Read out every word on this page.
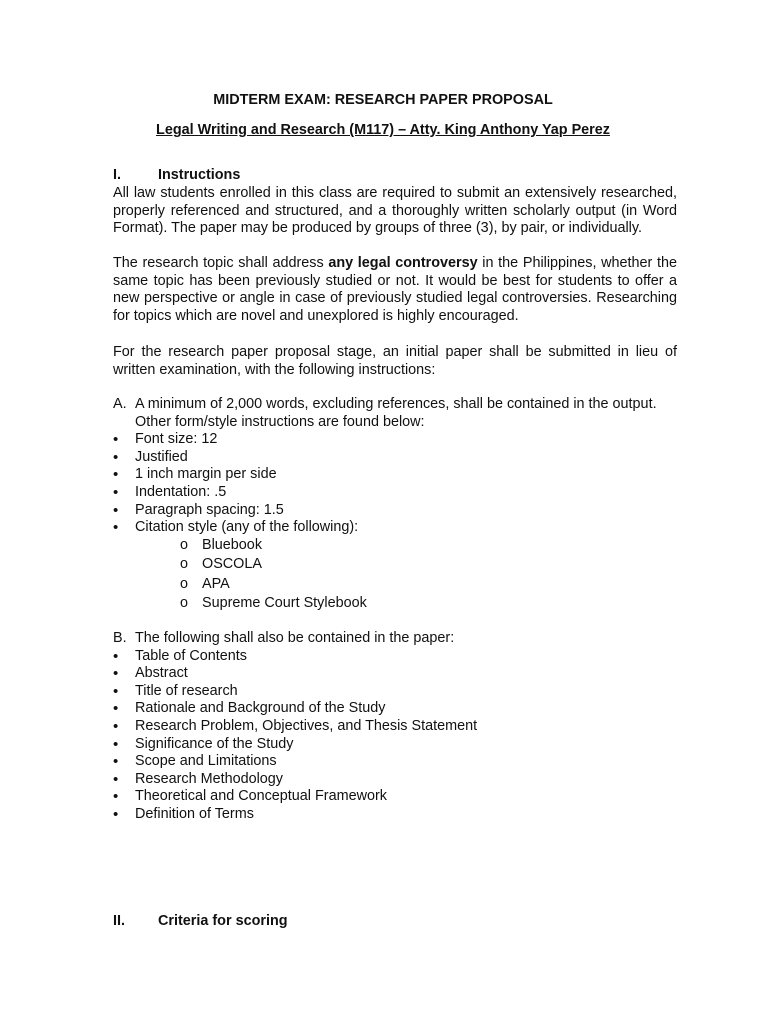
MIDTERM EXAM: RESEARCH PAPER PROPOSAL
Legal Writing and Research (M117) – Atty. King Anthony Yap Perez
I.	Instructions

All law students enrolled in this class are required to submit an extensively researched, properly referenced and structured, and a thoroughly written scholarly output (in Word Format). The paper may be produced by groups of three (3), by pair, or individually.

The research topic shall address any legal controversy in the Philippines, whether the same topic has been previously studied or not. It would be best for students to offer a new perspective or angle in case of previously studied legal controversies. Researching for topics which are novel and unexplored is highly encouraged.

For the research paper proposal stage, an initial paper shall be submitted in lieu of written examination, with the following instructions:

A. A minimum of 2,000 words, excluding references, shall be contained in the output. Other form/style instructions are found below:
• Font size: 12
• Justified
• 1 inch margin per side
• Indentation: .5
• Paragraph spacing: 1.5
• Citation style (any of the following):
o Bluebook
o OSCOLA
o APA
o Supreme Court Stylebook
B. The following shall also be contained in the paper:
• Table of Contents
• Abstract
• Title of research
• Rationale and Background of the Study
• Research Problem, Objectives, and Thesis Statement
• Significance of the Study
• Scope and Limitations
• Research Methodology
• Theoretical and Conceptual Framework
• Definition of Terms
II. Criteria for scoring
